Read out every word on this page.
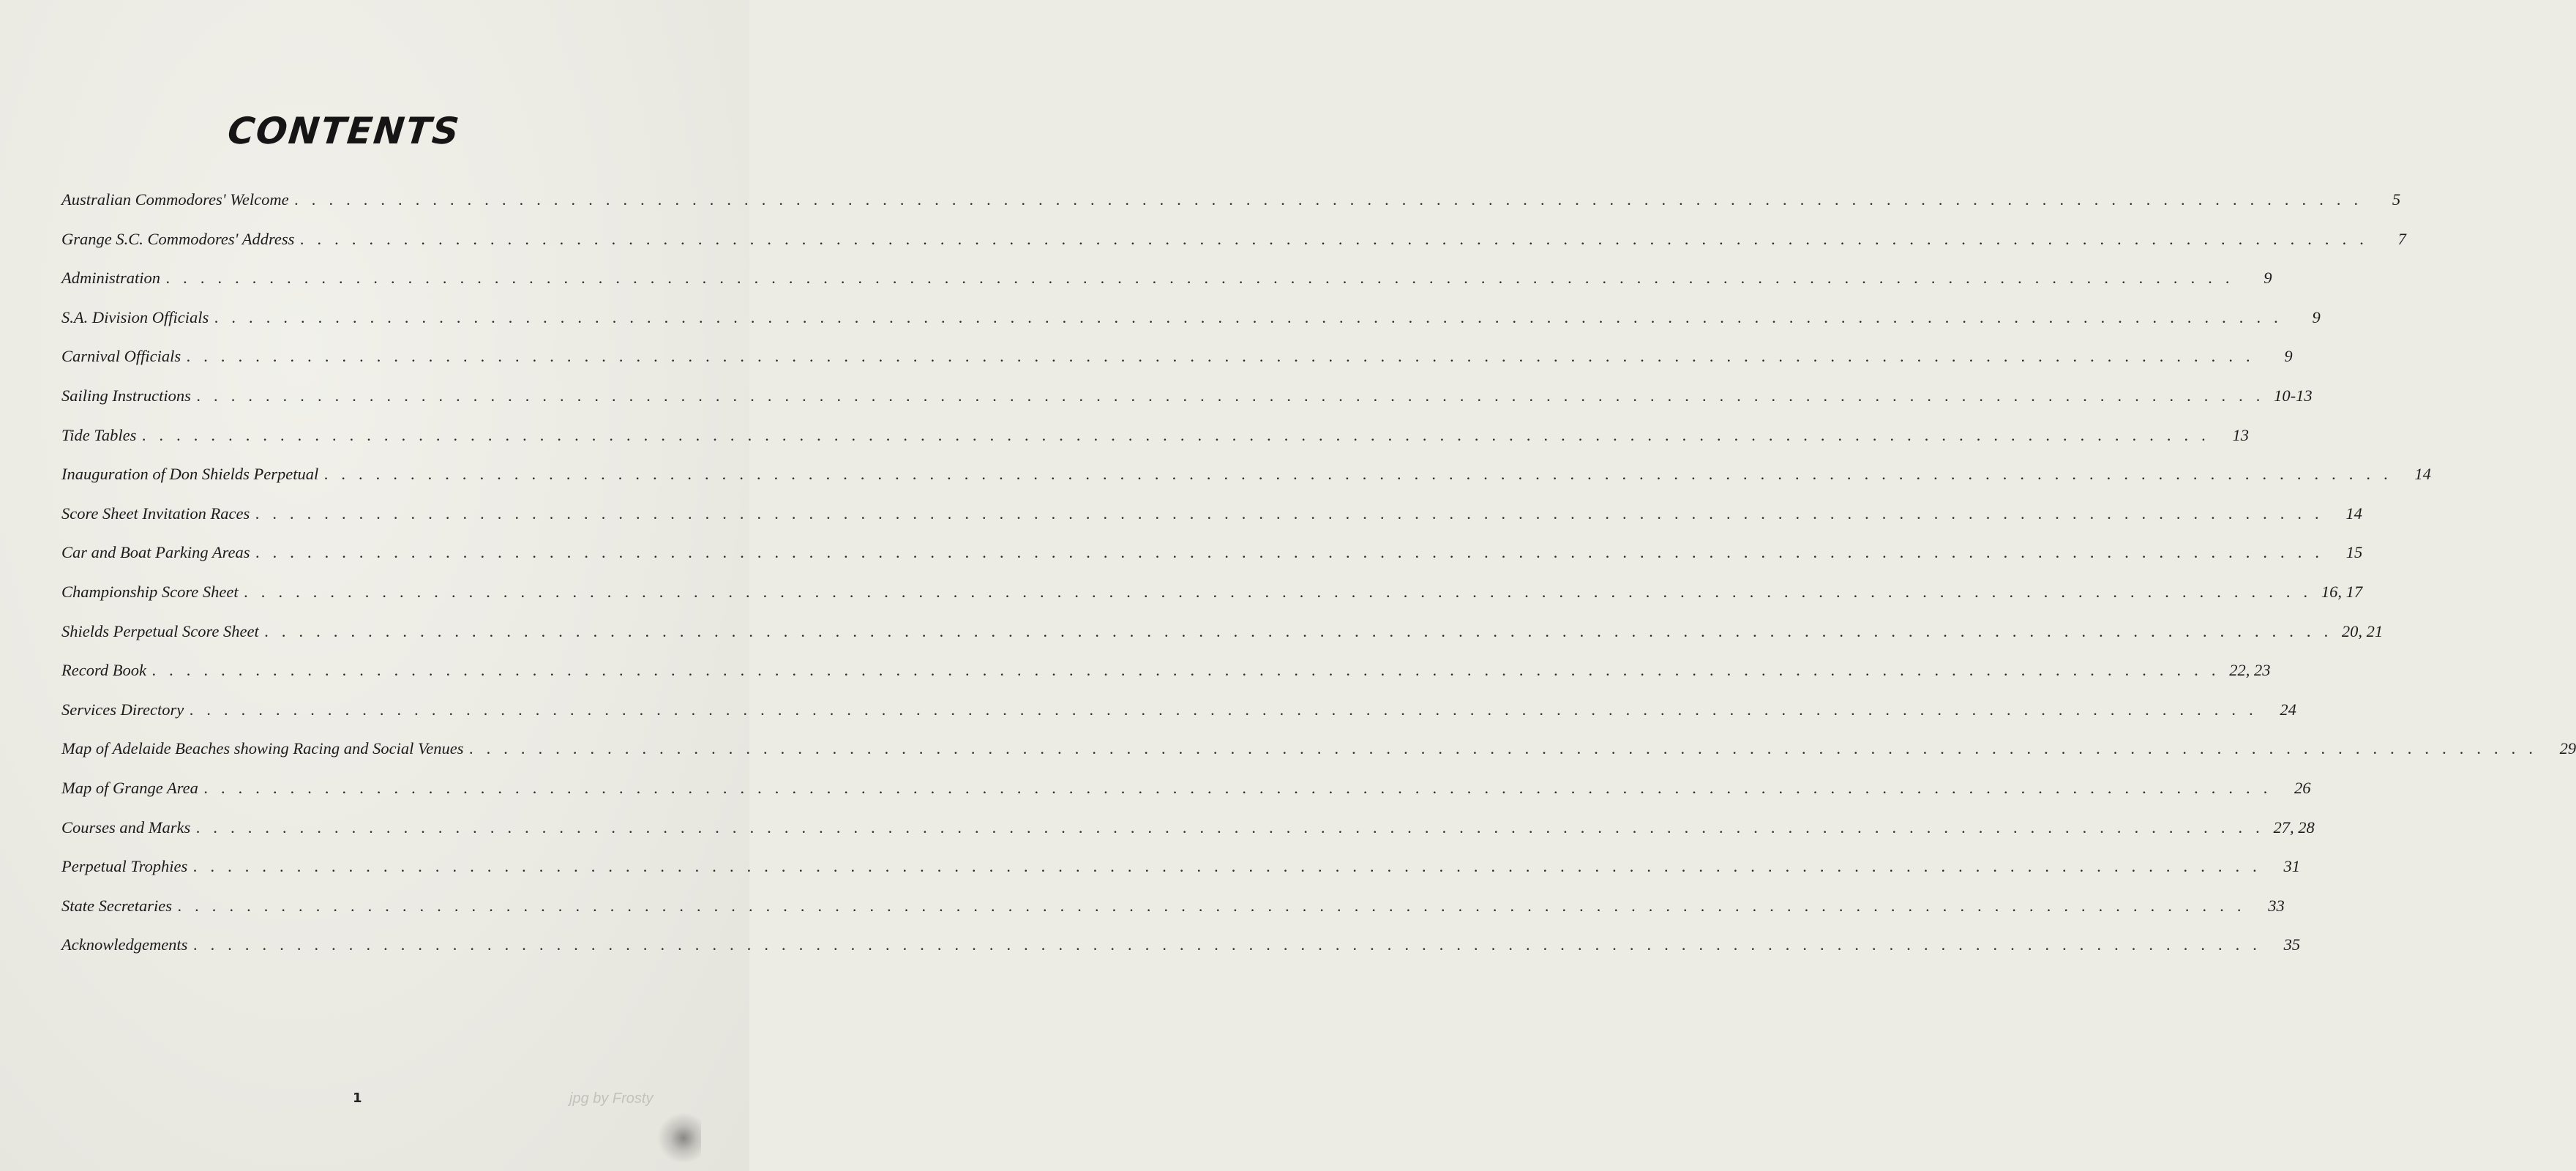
CONTENTS
Australian Commodores' Welcome . . . . . . . . . . . . . . . . . . . . . . . . . . . . . . . . . . . . . . . . . . . . . . . . . . . . . . . . . . . . . . . . . . . . . . . . . . . . . . . . . . . . . . . . . . . . . . . . . . . . . . . . . . . . . . . . . . . . . . . .	5
Grange S.C. Commodores' Address . . . . . . . . . . . . . . . . . . . . . . . . . . . . . . . . . . . . . . . . . . . . . . . . . . . . . . . . . . . . . . . . . . . . . . . . . . . . . . . . . . . . . . . . . . . . . . . . . . . . . . . . . . . . . . . . . . . . . . . .	7
Administration . . . . . . . . . . . . . . . . . . . . . . . . . . . . . . . . . . . . . . . . . . . . . . . . . . . . . . . . . . . . . . . . . . . . . . . . . . . . . . . . . . . . . . . . . . . . . . . . . . . . . . . . . . . . . . . . . . . . . . . .	9
S.A. Division Officials . . . . . . . . . . . . . . . . . . . . . . . . . . . . . . . . . . . . . . . . . . . . . . . . . . . . . . . . . . . . . . . . . . . . . . . . . . . . . . . . . . . . . . . . . . . . . . . . . . . . . . . . . . . . . . . . . . . . . . . .	9
Carnival Officials . . . . . . . . . . . . . . . . . . . . . . . . . . . . . . . . . . . . . . . . . . . . . . . . . . . . . . . . . . . . . . . . . . . . . . . . . . . . . . . . . . . . . . . . . . . . . . . . . . . . . . . . . . . . . . . . . . . . . . . .	9
Sailing Instructions . . . . . . . . . . . . . . . . . . . . . . . . . . . . . . . . . . . . . . . . . . . . . . . . . . . . . . . . . . . . . . . . . . . . . . . . . . . . . . . . . . . . . . . . . . . . . . . . . . . . . . . . . . . . . . . . . . . . . . . . 10-13
Tide Tables . . . . . . . . . . . . . . . . . . . . . . . . . . . . . . . . . . . . . . . . . . . . . . . . . . . . . . . . . . . . . . . . . . . . . . . . . . . . . . . . . . . . . . . . . . . . . . . . . . . . . . . . . . . . . . . . . . . . . . . .	13
Inauguration of Don Shields Perpetual . . . . . . . . . . . . . . . . . . . . . . . . . . . . . . . . . . . . . . . . . . . . . . . . . . . . . . . . . . . . . . . . . . . . . . . . . . . . . . . . . . . . . . . . . . . . . . . . . . . . . . . . . . . . . . . . . . . . . . . .	14
Score Sheet Invitation Races . . . . . . . . . . . . . . . . . . . . . . . . . . . . . . . . . . . . . . . . . . . . . . . . . . . . . . . . . . . . . . . . . . . . . . . . . . . . . . . . . . . . . . . . . . . . . . . . . . . . . . . . . . . . . . . . . . . . . . . .	14
Car and Boat Parking Areas . . . . . . . . . . . . . . . . . . . . . . . . . . . . . . . . . . . . . . . . . . . . . . . . . . . . . . . . . . . . . . . . . . . . . . . . . . . . . . . . . . . . . . . . . . . . . . . . . . . . . . . . . . . . . . . . . . . . . . . .	15
Championship Score Sheet . . . . . . . . . . . . . . . . . . . . . . . . . . . . . . . . . . . . . . . . . . . . . . . . . . . . . . . . . . . . . . . . . . . . . . . . . . . . . . . . . . . . . . . . . . . . . . . . . . . . . . . . . . . . . . . . . . . . . . . . 16, 17
Shields Perpetual Score Sheet . . . . . . . . . . . . . . . . . . . . . . . . . . . . . . . . . . . . . . . . . . . . . . . . . . . . . . . . . . . . . . . . . . . . . . . . . . . . . . . . . . . . . . . . . . . . . . . . . . . . . . . . . . . . . . . . . . . . . . . . 20, 21
Record Book . . . . . . . . . . . . . . . . . . . . . . . . . . . . . . . . . . . . . . . . . . . . . . . . . . . . . . . . . . . . . . . . . . . . . . . . . . . . . . . . . . . . . . . . . . . . . . . . . . . . . . . . . . . . . . . . . . . . . . . . 22, 23
Services Directory . . . . . . . . . . . . . . . . . . . . . . . . . . . . . . . . . . . . . . . . . . . . . . . . . . . . . . . . . . . . . . . . . . . . . . . . . . . . . . . . . . . . . . . . . . . . . . . . . . . . . . . . . . . . . . . . . . . . . . . .	24
Map of Adelaide Beaches showing Racing and Social Venues . . . . . . . . . . . . . . . . . . . . . . . . . . . . . . . . . . . . . . . . . . . . . . . . . . . . . . . . . . . . . . . . . . . . . . . . . . . . . . . . . . . . . . . . . . . . . . . . . . . . . . . . . . . . . . . . . . . . . . . .	29
Map of Grange Area . . . . . . . . . . . . . . . . . . . . . . . . . . . . . . . . . . . . . . . . . . . . . . . . . . . . . . . . . . . . . . . . . . . . . . . . . . . . . . . . . . . . . . . . . . . . . . . . . . . . . . . . . . . . . . . . . . . . . . . .	26
Courses and Marks . . . . . . . . . . . . . . . . . . . . . . . . . . . . . . . . . . . . . . . . . . . . . . . . . . . . . . . . . . . . . . . . . . . . . . . . . . . . . . . . . . . . . . . . . . . . . . . . . . . . . . . . . . . . . . . . . . . . . . . . 27, 28
Perpetual Trophies . . . . . . . . . . . . . . . . . . . . . . . . . . . . . . . . . . . . . . . . . . . . . . . . . . . . . . . . . . . . . . . . . . . . . . . . . . . . . . . . . . . . . . . . . . . . . . . . . . . . . . . . . . . . . . . . . . . . . . . .	31
State Secretaries . . . . . . . . . . . . . . . . . . . . . . . . . . . . . . . . . . . . . . . . . . . . . . . . . . . . . . . . . . . . . . . . . . . . . . . . . . . . . . . . . . . . . . . . . . . . . . . . . . . . . . . . . . . . . . . . . . . . . . . .	33
Acknowledgements . . . . . . . . . . . . . . . . . . . . . . . . . . . . . . . . . . . . . . . . . . . . . . . . . . . . . . . . . . . . . . . . . . . . . . . . . . . . . . . . . . . . . . . . . . . . . . . . . . . . . . . . . . . . . . . . . . . . . . . .	35
1	jpg by Frosty
